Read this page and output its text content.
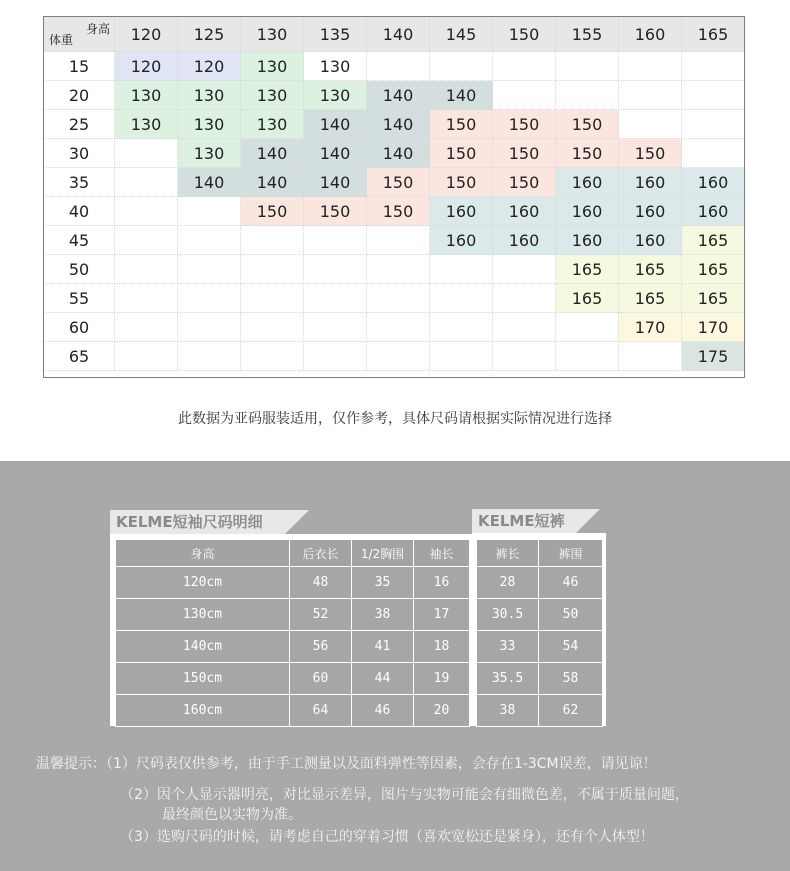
身高
体重	120	125	130	135	140	145	150	155	160	165
15	120	120	130	130						
20	130	130	130	130	140	140				
25	130	130	130	140	140	150	150	150		
30		130	140	140	140	150	150	150	150	
35		140	140	140	150	150	150	160	160	160
40			150	150	150	160	160	160	160	160
45						160	160	160	160	165
50								165	165	165
55								165	165	165
60									170	170
65										175
此数据为亚码服装适用，仅作参考，具体尺码请根据实际情况进行选择
KELME短袖尺码明细	KELME短裤
身高	后衣长	1/2胸围	袖长
120cm	48	35	16
130cm	52	38	17
140cm	56	41	18
150cm	60	44	19
160cm	64	46	20
裤长	裤围
28	46
30.5	50
33	54
35.5	58
38	62
温馨提示：（1）尺码表仅供参考，由于手工测量以及面料弹性等因素，会存在1-3CM误差，请见谅！
（2）因个人显示器明亮，对比显示差异，图片与实物可能会有细微色差，不属于质量问题，
最终颜色以实物为准。
（3）选购尺码的时候，请考虑自己的穿着习惯（喜欢宽松还是紧身），还有个人体型！
